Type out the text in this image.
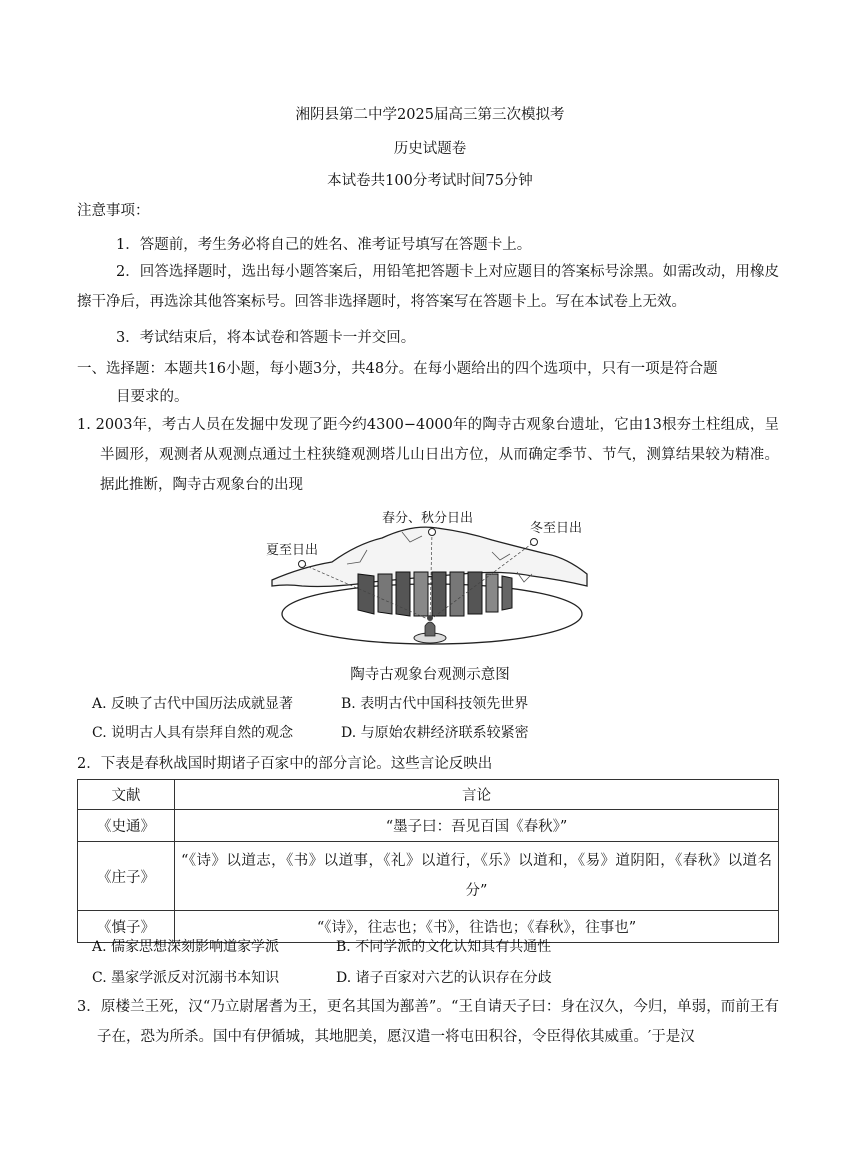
湘阴县第二中学2025届高三第三次模拟考
历史试题卷
本试卷共100分考试时间75分钟
注意事项：
1．答题前，考生务必将自己的姓名、准考证号填写在答题卡上。
2．回答选择题时，选出每小题答案后，用铅笔把答题卡上对应题目的答案标号涂黑。如需改动，用橡皮擦干净后，再选涂其他答案标号。回答非选择题时，将答案写在答题卡上。写在本试卷上无效。
3．考试结束后，将本试卷和答题卡一并交回。
一、选择题：本题共16小题，每小题3分，共48分。在每小题给出的四个选项中，只有一项是符合题
目要求的。
1. 2003年，考古人员在发掘中发现了距今约4300−4000年的陶寺古观象台遗址，它由13根夯土柱组成，呈半圆形，观测者从观测点通过土柱狭缝观测塔儿山日出方位，从而确定季节、节气，测算结果较为精准。据此推断，陶寺古观象台的出现
夏至日出
春分、秋分日出
冬至日出
陶寺古观象台观测示意图
A. 反映了古代中国历法成就显著	B. 表明古代中国科技领先世界
C. 说明古人具有崇拜自然的观念	D. 与原始农耕经济联系较紧密
2．下表是春秋战国时期诸子百家中的部分言论。这些言论反映出
文献	言论
《史通》	“墨子曰：吾见百国《春秋》”
《庄子》	“《诗》以道志，《书》以道事，《礼》以道行，《乐》以道和，《易》道阴阳，《春秋》以道名分”
《慎子》	“《诗》，往志也；《书》，往诰也；《春秋》，往事也”
A. 儒家思想深刻影响道家学派	B. 不同学派的文化认知具有共通性
C. 墨家学派反对沉溺书本知识	D. 诸子百家对六艺的认识存在分歧
3．原楼兰王死，汉“乃立尉屠耆为王，更名其国为鄯善”。“王自请天子曰：身在汉久，今归，单弱，而前王有子在，恐为所杀。国中有伊循城，其地肥美，愿汉遣一将屯田积谷，令臣得依其威重。′于是汉
